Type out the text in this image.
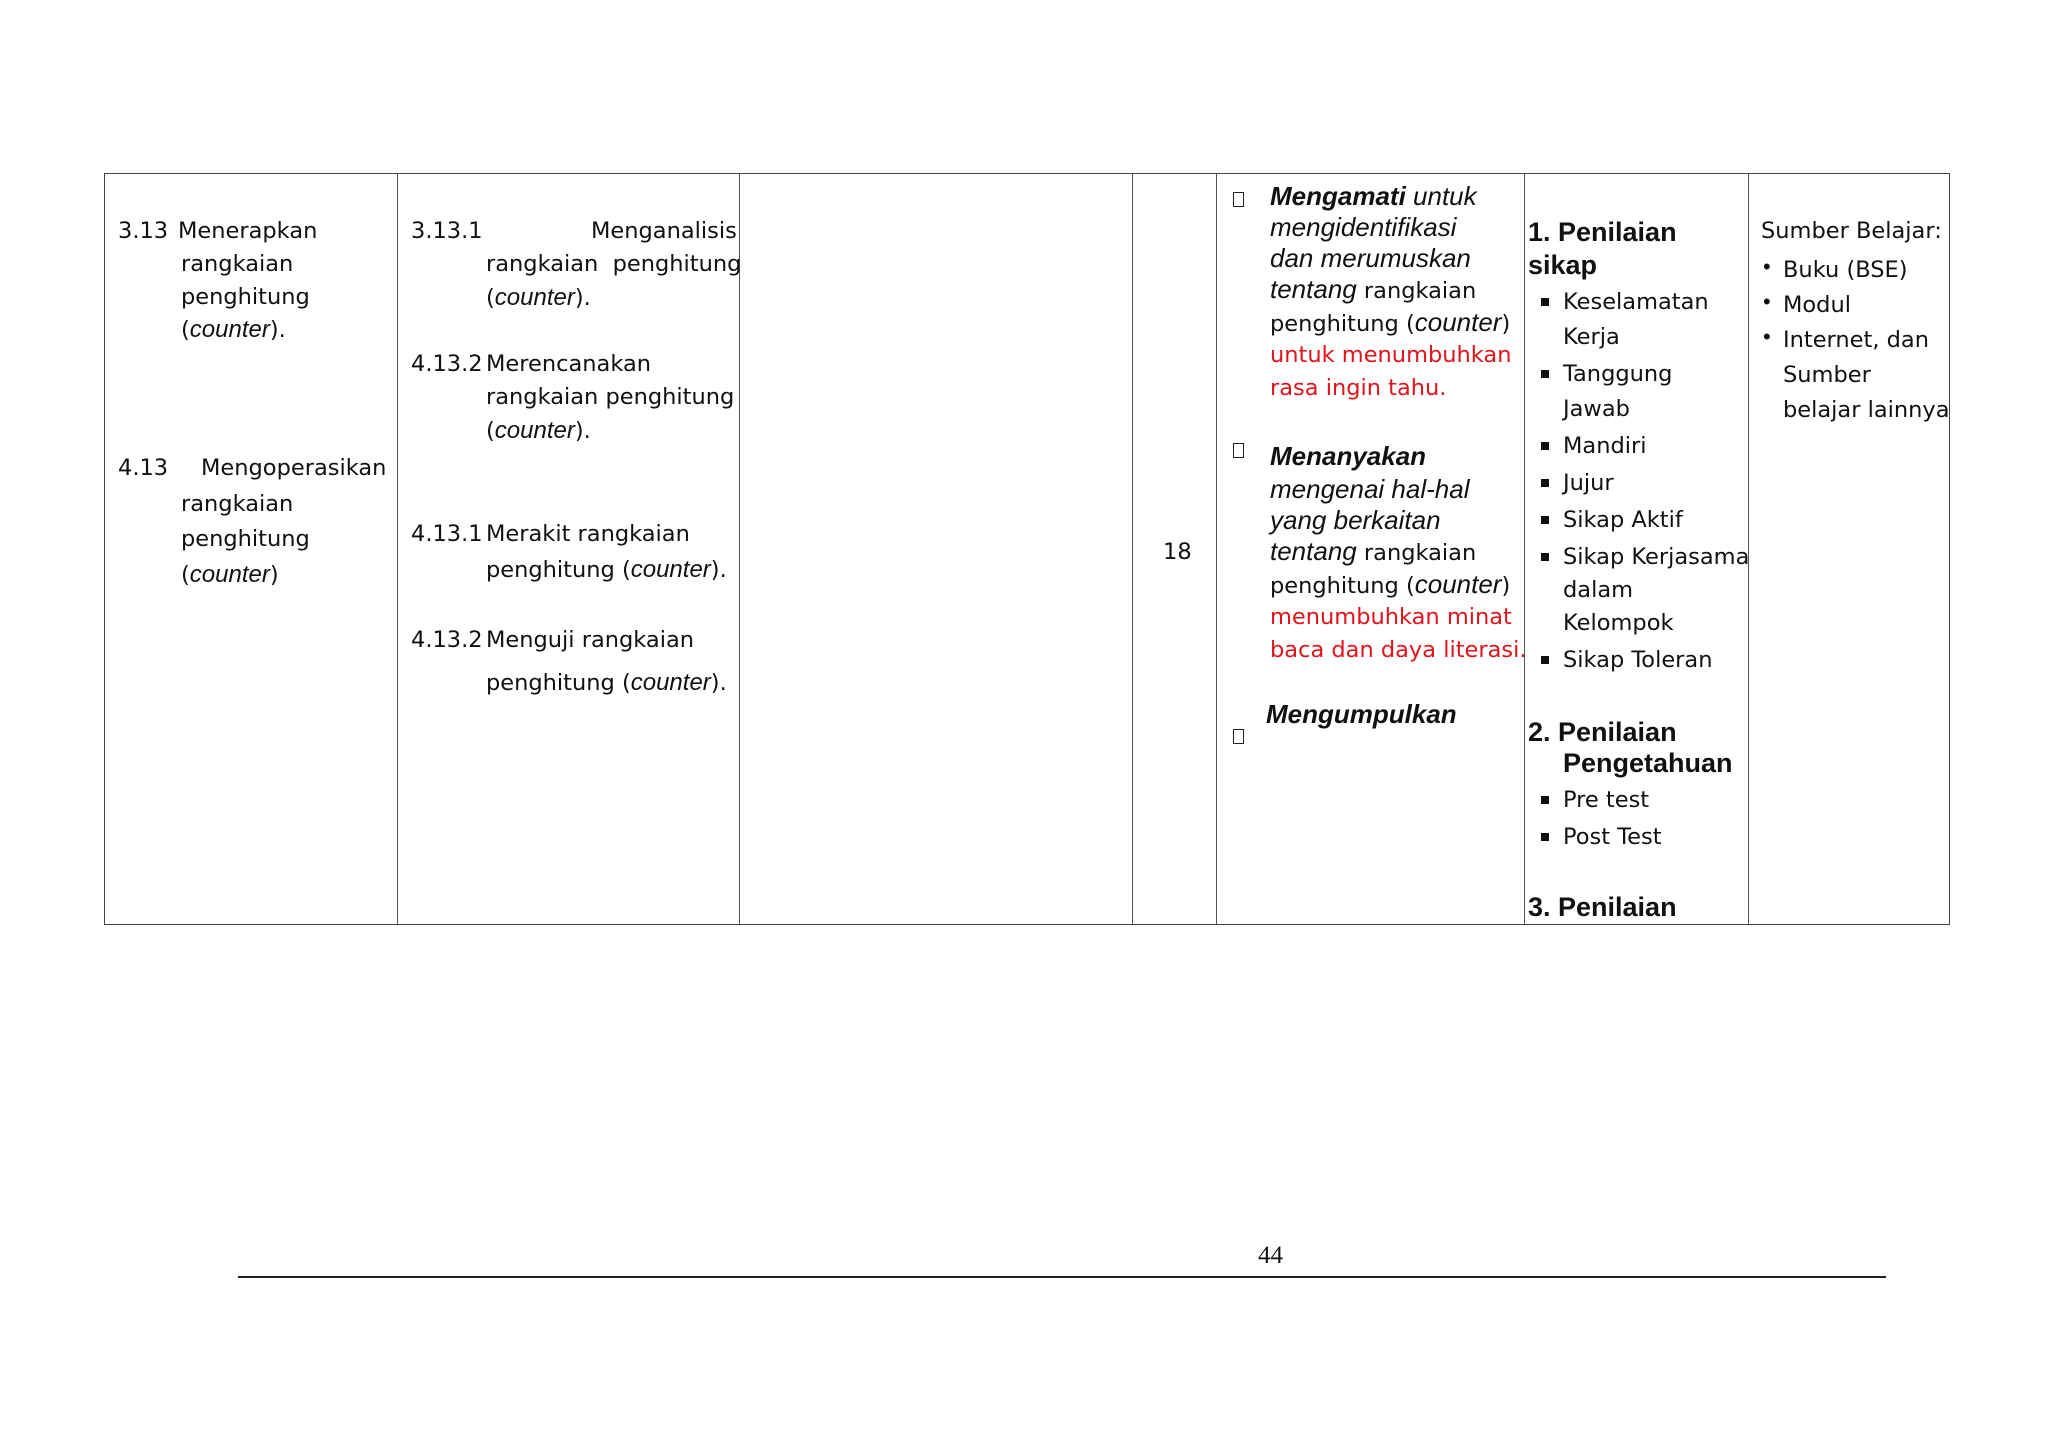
3.13 Menerapkan
rangkaian
penghitung
(counter).
4.13 Mengoperasikan
rangkaian
penghitung
(counter)
3.13.1	Menganalisis
rangkaian  penghitung
(counter).
4.13.2 Merencanakan
rangkaian penghitung
(counter).
4.13.1 Merakit rangkaian
penghitung (counter).
4.13.2 Menguji rangkaian
penghitung (counter).
18
Mengamati untuk
mengidentifikasi
dan merumuskan
tentang rangkaian
penghitung (counter)
untuk menumbuhkan
rasa ingin tahu.
Menanyakan
mengenai hal-hal
yang berkaitan
tentang rangkaian
penghitung (counter)
menumbuhkan minat
baca dan daya literasi.
Mengumpulkan
1. Penilaian
sikap
Keselamatan
Kerja
Tanggung
Jawab
Mandiri
Jujur
Sikap Aktif
Sikap Kerjasama
dalam
Kelompok
Sikap Toleran
2. Penilaian
Pengetahuan
Pre test
Post Test
3. Penilaian
Sumber Belajar:
• Buku (BSE)
• Modul
• Internet, dan
Sumber
belajar lainnya
44
